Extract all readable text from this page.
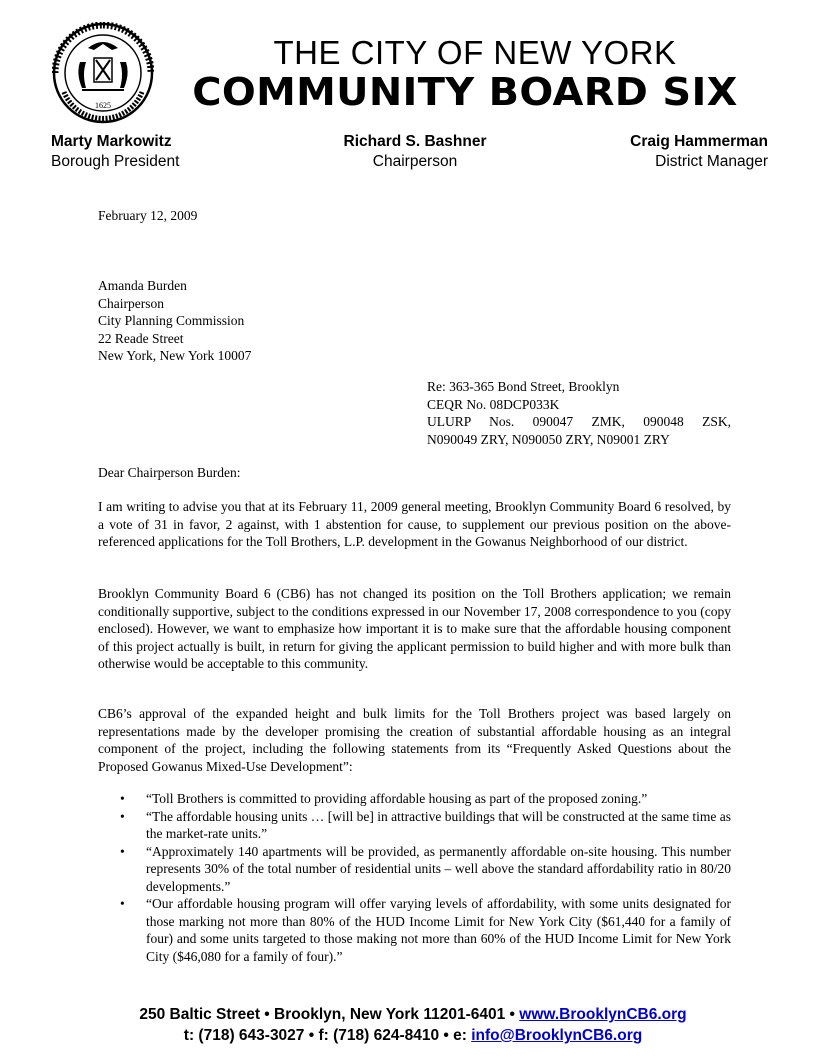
1625
THE CITY OF NEW YORK
COMMUNITY BOARD SIX
Marty Markowitz
Borough President
Richard S. Bashner
Chairperson
Craig Hammerman
District Manager
February 12, 2009
Amanda Burden
Chairperson
City Planning Commission
22 Reade Street
New York, New York 10007
Re: 363-365 Bond Street, Brooklyn
CEQR No. 08DCP033K
ULURP Nos. 090047 ZMK, 090048 ZSK,
N090049 ZRY, N090050 ZRY, N09001 ZRY
Dear Chairperson Burden:

I am writing to advise you that at its February 11, 2009 general meeting, Brooklyn Community Board 6 resolved, by a vote of 31 in favor, 2 against, with 1 abstention for cause, to supplement our previous position on the above-referenced applications for the Toll Brothers, L.P. development in the Gowanus Neighborhood of our district.

Brooklyn Community Board 6 (CB6) has not changed its position on the Toll Brothers application; we remain conditionally supportive, subject to the conditions expressed in our November 17, 2008 correspondence to you (copy enclosed). However, we want to emphasize how important it is to make sure that the affordable housing component of this project actually is built, in return for giving the applicant permission to build higher and with more bulk than otherwise would be acceptable to this community.

CB6’s approval of the expanded height and bulk limits for the Toll Brothers project was based largely on representations made by the developer promising the creation of substantial affordable housing as an integral component of the project, including the following statements from its “Frequently Asked Questions about the Proposed Gowanus Mixed-Use Development”:

• “Toll Brothers is committed to providing affordable housing as part of the proposed zoning.”
• “The affordable housing units … [will be] in attractive buildings that will be constructed at the same time as the market-rate units.”
• “Approximately 140 apartments will be provided, as permanently affordable on-site housing. This number represents 30% of the total number of residential units – well above the standard affordability ratio in 80/20 developments.”
• “Our affordable housing program will offer varying levels of affordability, with some units designated for those marking not more than 80% of the HUD Income Limit for New York City ($61,440 for a family of four) and some units targeted to those making not more than 60% of the HUD Income Limit for New York City ($46,080 for a family of four).”
250 Baltic Street • Brooklyn, New York 11201-6401 • www.BrooklynCB6.org
t: (718) 643-3027 • f: (718) 624-8410 • e: info@BrooklynCB6.org
